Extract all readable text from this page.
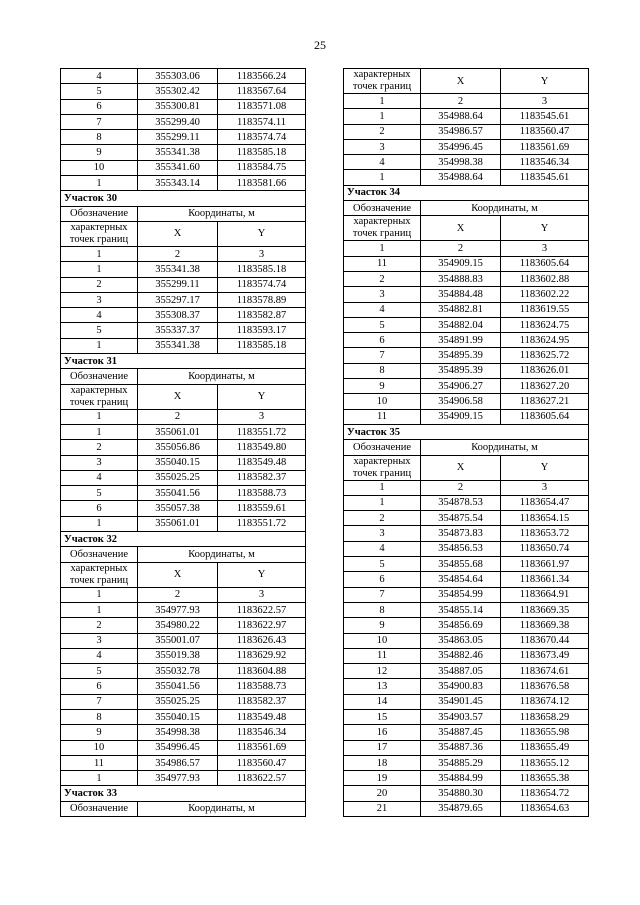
25
4	355303.06	1183566.24
5	355302.42	1183567.64
6	355300.81	1183571.08
7	355299.40	1183574.11
8	355299.11	1183574.74
9	355341.38	1183585.18
10	355341.60	1183584.75
1	355343.14	1183581.66
Участок 30		
Обозначение	Координаты, м	
характерных точек границ	X	Y
1	2	3
1	355341.38	1183585.18
2	355299.11	1183574.74
3	355297.17	1183578.89
4	355308.37	1183582.87
5	355337.37	1183593.17
1	355341.38	1183585.18
Участок 31		
Обозначение	Координаты, м	
характерных точек границ	X	Y
1	2	3
1	355061.01	1183551.72
2	355056.86	1183549.80
3	355040.15	1183549.48
4	355025.25	1183582.37
5	355041.56	1183588.73
6	355057.38	1183559.61
1	355061.01	1183551.72
Участок 32		
Обозначение	Координаты, м	
характерных точек границ	X	Y
1	2	3
1	354977.93	1183622.57
2	354980.22	1183622.97
3	355001.07	1183626.43
4	355019.38	1183629.92
5	355032.78	1183604.88
6	355041.56	1183588.73
7	355025.25	1183582.37
8	355040.15	1183549.48
9	354998.38	1183546.34
10	354996.45	1183561.69
11	354986.57	1183560.47
1	354977.93	1183622.57
Участок 33		
Обозначение	Координаты, м	
характерных точек границ	X	Y
1	2	3
1	354988.64	1183545.61
2	354986.57	1183560.47
3	354996.45	1183561.69
4	354998.38	1183546.34
1	354988.64	1183545.61
Участок 34		
Обозначение	Координаты, м	
характерных точек границ	X	Y
1	2	3
11	354909.15	1183605.64
2	354888.83	1183602.88
3	354884.48	1183602.22
4	354882.81	1183619.55
5	354882.04	1183624.75
6	354891.99	1183624.95
7	354895.39	1183625.72
8	354895.39	1183626.01
9	354906.27	1183627.20
10	354906.58	1183627.21
11	354909.15	1183605.64
Участок 35		
Обозначение	Координаты, м	
характерных точек границ	X	Y
1	2	3
1	354878.53	1183654.47
2	354875.54	1183654.15
3	354873.83	1183653.72
4	354856.53	1183650.74
5	354855.68	1183661.97
6	354854.64	1183661.34
7	354854.99	1183664.91
8	354855.14	1183669.35
9	354856.69	1183669.38
10	354863.05	1183670.44
11	354882.46	1183673.49
12	354887.05	1183674.61
13	354900.83	1183676.58
14	354901.45	1183674.12
15	354903.57	1183658.29
16	354887.45	1183655.98
17	354887.36	1183655.49
18	354885.29	1183655.12
19	354884.99	1183655.38
20	354880.30	1183654.72
21	354879.65	1183654.63
